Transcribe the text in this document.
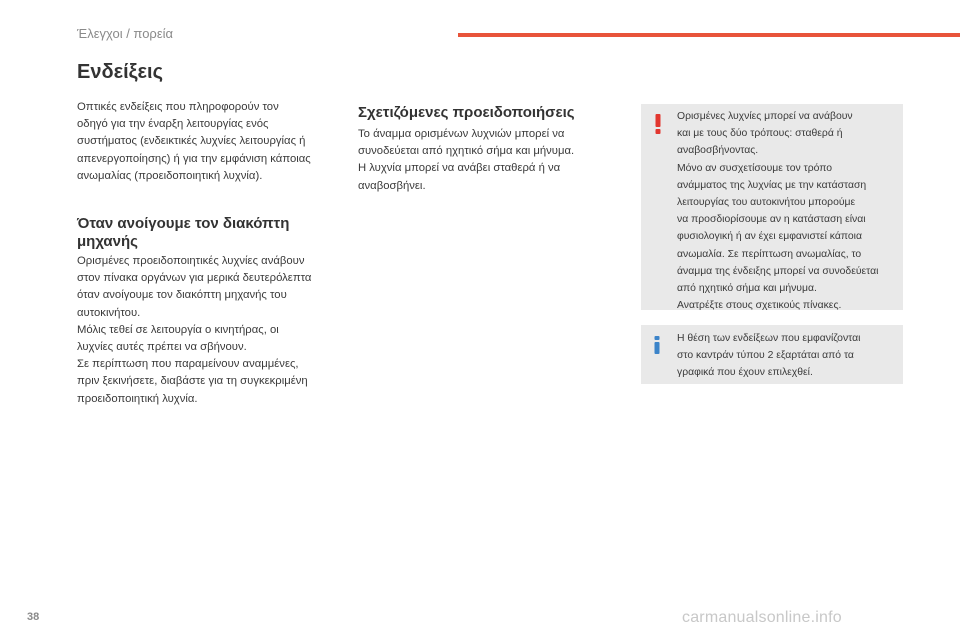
Έλεγχοι / πορεία
Ενδείξεις

Οπτικές ενδείξεις που πληροφορούν τον

οδηγό για την έναρξη λειτουργίας ενός

συστήματος (ενδεικτικές λυχνίες λειτουργίας ή

απενεργοποίησης) ή για την εμφάνιση κάποιας

ανωμαλίας (προειδοποιητική λυχνία).

Όταν ανοίγουμε τον διακόπτη
μηχανής

Ορισμένες προειδοποιητικές λυχνίες ανάβουν

στον πίνακα οργάνων για μερικά δευτερόλεπτα

όταν ανοίγουμε τον διακόπτη μηχανής του

αυτοκινήτου.

Μόλις τεθεί σε λειτουργία ο κινητήρας, οι

λυχνίες αυτές πρέπει να σβήνουν.

Σε περίπτωση που παραμείνουν αναμμένες,

πριν ξεκινήσετε, διαβάστε για τη συγκεκριμένη

προειδοποιητική λυχνία.

Σχετιζόμενες προειδοποιήσεις

Το άναμμα ορισμένων λυχνιών μπορεί να

συνοδεύεται από ηχητικό σήμα και μήνυμα.

Η λυχνία μπορεί να ανάβει σταθερά ή να

αναβοσβήνει.

Ορισμένες λυχνίες μπορεί να ανάβουν

και με τους δύο τρόπους: σταθερά ή

αναβοσβήνοντας.

Μόνο αν συσχετίσουμε τον τρόπο

ανάμματος της λυχνίας με την κατάσταση

λειτουργίας του αυτοκινήτου μπορούμε

να προσδιορίσουμε αν η κατάσταση είναι

φυσιολογική ή αν έχει εμφανιστεί κάποια

ανωμαλία. Σε περίπτωση ανωμαλίας, το

άναμμα της ένδειξης μπορεί να συνοδεύεται

από ηχητικό σήμα και μήνυμα.

Ανατρέξτε στους σχετικούς πίνακες.

Η θέση των ενδείξεων που εμφανίζονται

στο καντράν τύπου 2 εξαρτάται από τα

γραφικά που έχουν επιλεχθεί.

38	carmanualsonline.info
